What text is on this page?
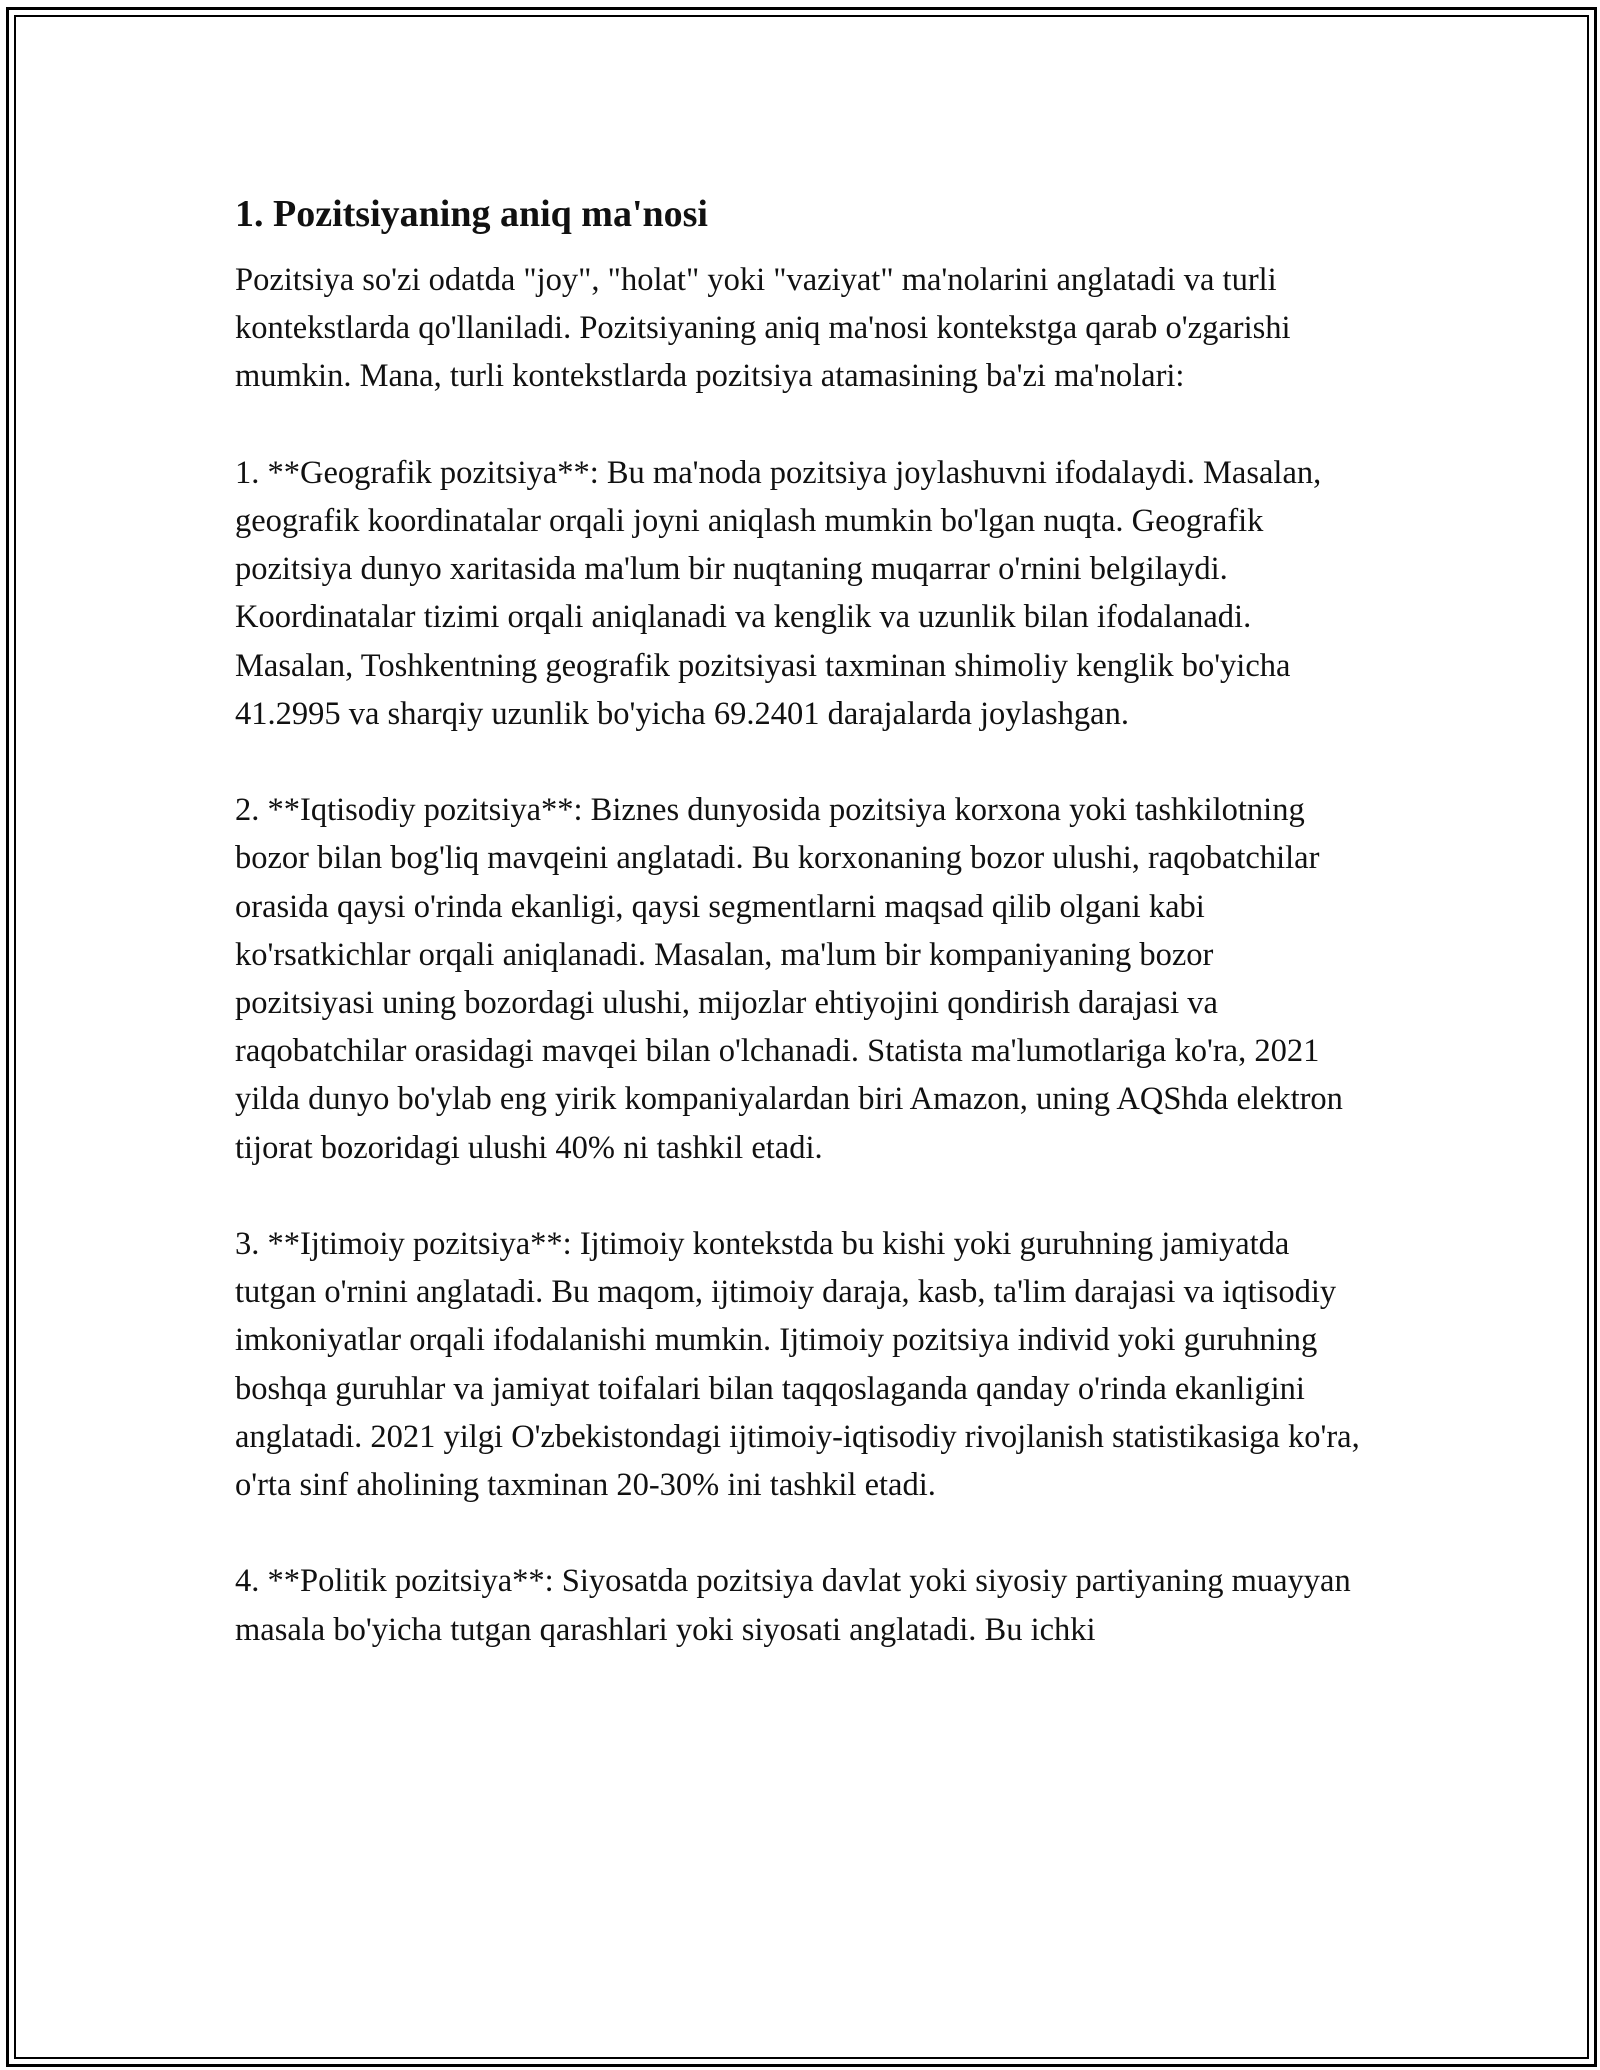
1. Pozitsiyaning aniq ma'nosi

Pozitsiya so'zi odatda "joy", "holat" yoki "vaziyat" ma'nolarini anglatadi va turli kontekstlarda qo'llaniladi. Pozitsiyaning aniq ma'nosi kontekstga qarab o'zgarishi mumkin. Mana, turli kontekstlarda pozitsiya atamasining ba'zi ma'nolari:

1. **Geografik pozitsiya**: Bu ma'noda pozitsiya joylashuvni ifodalaydi. Masalan, geografik koordinatalar orqali joyni aniqlash mumkin bo'lgan nuqta. Geografik pozitsiya dunyo xaritasida ma'lum bir nuqtaning muqarrar o'rnini belgilaydi. Koordinatalar tizimi orqali aniqlanadi va kenglik va uzunlik bilan ifodalanadi. Masalan, Toshkentning geografik pozitsiyasi taxminan shimoliy kenglik bo'yicha 41.2995 va sharqiy uzunlik bo'yicha 69.2401 darajalarda joylashgan.

2. **Iqtisodiy pozitsiya**: Biznes dunyosida pozitsiya korxona yoki tashkilotning bozor bilan bog'liq mavqeini anglatadi. Bu korxonaning bozor ulushi, raqobatchilar orasida qaysi o'rinda ekanligi, qaysi segmentlarni maqsad qilib olgani kabi ko'rsatkichlar orqali aniqlanadi. Masalan, ma'lum bir kompaniyaning bozor pozitsiyasi uning bozordagi ulushi, mijozlar ehtiyojini qondirish darajasi va raqobatchilar orasidagi mavqei bilan o'lchanadi. Statista ma'lumotlariga ko'ra, 2021 yilda dunyo bo'ylab eng yirik kompaniyalardan biri Amazon, uning AQShda elektron tijorat bozoridagi ulushi 40% ni tashkil etadi.

3. **Ijtimoiy pozitsiya**: Ijtimoiy kontekstda bu kishi yoki guruhning jamiyatda tutgan o'rnini anglatadi. Bu maqom, ijtimoiy daraja, kasb, ta'lim darajasi va iqtisodiy imkoniyatlar orqali ifodalanishi mumkin. Ijtimoiy pozitsiya individ yoki guruhning boshqa guruhlar va jamiyat toifalari bilan taqqoslaganda qanday o'rinda ekanligini anglatadi. 2021 yilgi O'zbekistondagi ijtimoiy-iqtisodiy rivojlanish statistikasiga ko'ra, o'rta sinf aholining taxminan 20-30% ini tashkil etadi.

4. **Politik pozitsiya**: Siyosatda pozitsiya davlat yoki siyosiy partiyaning muayyan masala bo'yicha tutgan qarashlari yoki siyosati anglatadi. Bu ichki
